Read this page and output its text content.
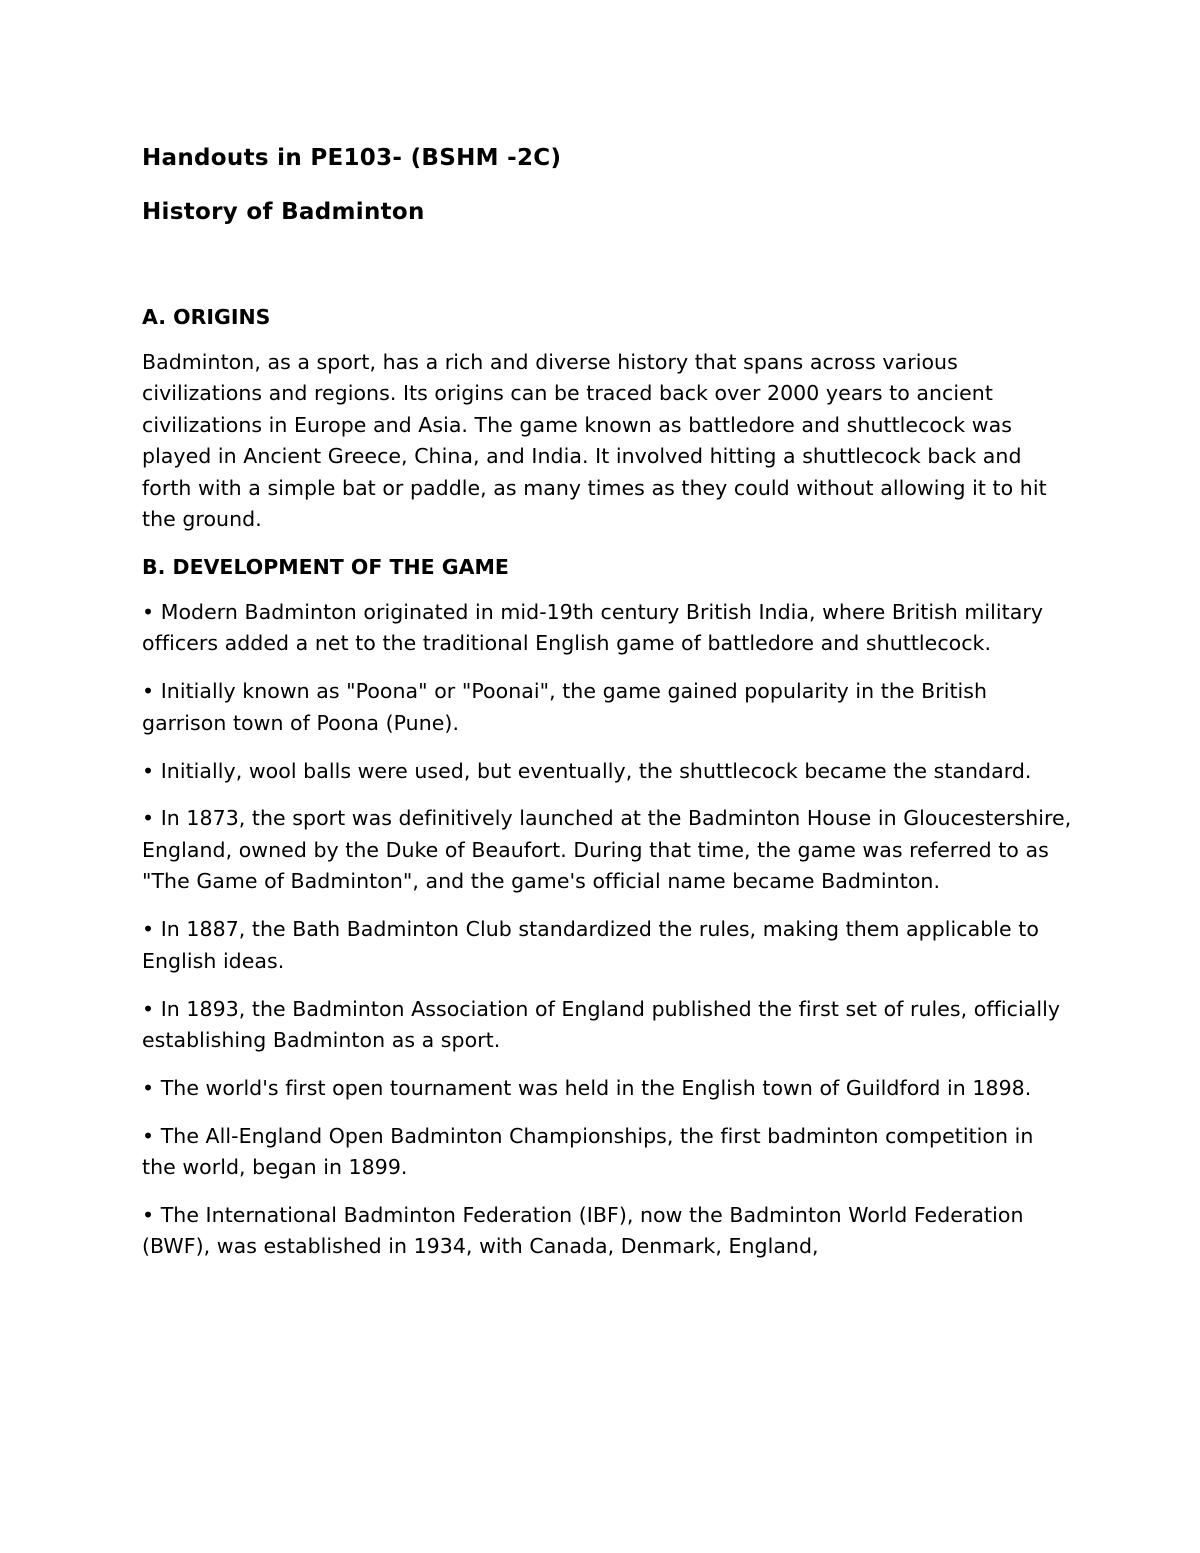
Handouts in PE103- (BSHM -2C)
History of Badminton
A. ORIGINS

Badminton, as a sport, has a rich and diverse history that spans across various civilizations and regions. Its origins can be traced back over 2000 years to ancient civilizations in Europe and Asia. The game known as battledore and shuttlecock was played in Ancient Greece, China, and India. It involved hitting a shuttlecock back and forth with a simple bat or paddle, as many times as they could without allowing it to hit the ground.

B. DEVELOPMENT OF THE GAME
• Modern Badminton originated in mid-19th century British India, where British military officers added a net to the traditional English game of battledore and shuttlecock.
• Initially known as "Poona" or "Poonai", the game gained popularity in the British garrison town of Poona (Pune).
• Initially, wool balls were used, but eventually, the shuttlecock became the standard.
• In 1873, the sport was definitively launched at the Badminton House in Gloucestershire, England, owned by the Duke of Beaufort. During that time, the game was referred to as "The Game of Badminton", and the game's official name became Badminton.
• In 1887, the Bath Badminton Club standardized the rules, making them applicable to English ideas.
• In 1893, the Badminton Association of England published the first set of rules, officially establishing Badminton as a sport.
• The world's first open tournament was held in the English town of Guildford in 1898.
• The All-England Open Badminton Championships, the first badminton competition in the world, began in 1899.
• The International Badminton Federation (IBF), now the Badminton World Federation (BWF), was established in 1934, with Canada, Denmark, England,
